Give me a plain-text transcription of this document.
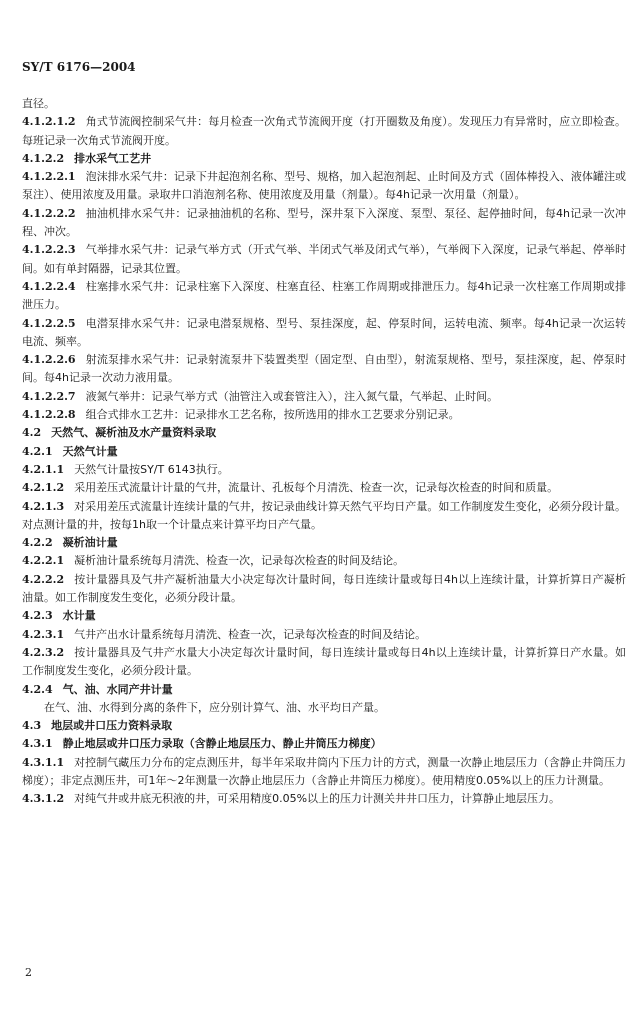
SY/T 6176—2004

直径。

4.1.2.1.2 角式节流阀控制采气井：每月检查一次角式节流阀开度（打开圈数及角度）。发现压力有异常时，应立即检查。每班记录一次角式节流阀开度。

4.1.2.2 排水采气工艺井

4.1.2.2.1 泡沫排水采气井：记录下井起泡剂名称、型号、规格，加入起泡剂起、止时间及方式（固体棒投入、液体罐注或泵注）、使用浓度及用量。录取井口消泡剂名称、使用浓度及用量（剂量）。每4h记录一次用量（剂量）。

4.1.2.2.2 抽油机排水采气井：记录抽油机的名称、型号，深井泵下入深度、泵型、泵径、起停抽时间，每4h记录一次冲程、冲次。

4.1.2.2.3 气举排水采气井：记录气举方式（开式气举、半闭式气举及闭式气举），气举阀下入深度，记录气举起、停举时间。如有单封隔器，记录其位置。

4.1.2.2.4 柱塞排水采气井：记录柱塞下入深度、柱塞直径、柱塞工作周期或排泄压力。每4h记录一次柱塞工作周期或排泄压力。

4.1.2.2.5 电潜泵排水采气井：记录电潜泵规格、型号、泵挂深度，起、停泵时间，运转电流、频率。每4h记录一次运转电流、频率。

4.1.2.2.6 射流泵排水采气井：记录射流泵井下装置类型（固定型、自由型），射流泵规格、型号，泵挂深度，起、停泵时间。每4h记录一次动力液用量。

4.1.2.2.7 液氮气举井：记录气举方式（油管注入或套管注入），注入氮气量，气举起、止时间。

4.1.2.2.8 组合式排水工艺井：记录排水工艺名称，按所选用的排水工艺要求分别记录。

4.2 天然气、凝析油及水产量资料录取

4.2.1 天然气计量

4.2.1.1 天然气计量按SY/T 6143执行。

4.2.1.2 采用差压式流量计计量的气井，流量计、孔板每个月清洗、检查一次，记录每次检查的时间和质量。

4.2.1.3 对采用差压式流量计连续计量的气井，按记录曲线计算天然气平均日产量。如工作制度发生变化，必须分段计量。对点测计量的井，按每1h取一个计量点来计算平均日产气量。

4.2.2 凝析油计量

4.2.2.1 凝析油计量系统每月清洗、检查一次，记录每次检查的时间及结论。

4.2.2.2 按计量器具及气井产凝析油量大小决定每次计量时间，每日连续计量或每日4h以上连续计量，计算折算日产凝析油量。如工作制度发生变化，必须分段计量。

4.2.3 水计量

4.2.3.1 气井产出水计量系统每月清洗、检查一次，记录每次检查的时间及结论。

4.2.3.2 按计量器具及气井产水量大小决定每次计量时间，每日连续计量或每日4h以上连续计量，计算折算日产水量。如工作制度发生变化，必须分段计量。

4.2.4 气、油、水同产井计量

在气、油、水得到分离的条件下，应分别计算气、油、水平均日产量。

4.3 地层或井口压力资料录取

4.3.1 静止地层或井口压力录取（含静止地层压力、静止井筒压力梯度）

4.3.1.1 对控制气藏压力分布的定点测压井，每半年采取井筒内下压力计的方式，测量一次静止地层压力（含静止井筒压力梯度）；非定点测压井，可1年～2年测量一次静止地层压力（含静止井筒压力梯度）。使用精度0.05%以上的压力计测量。

4.3.1.2 对纯气井或井底无积液的井，可采用精度0.05%以上的压力计测关井井口压力，计算静止地层压力。

2
